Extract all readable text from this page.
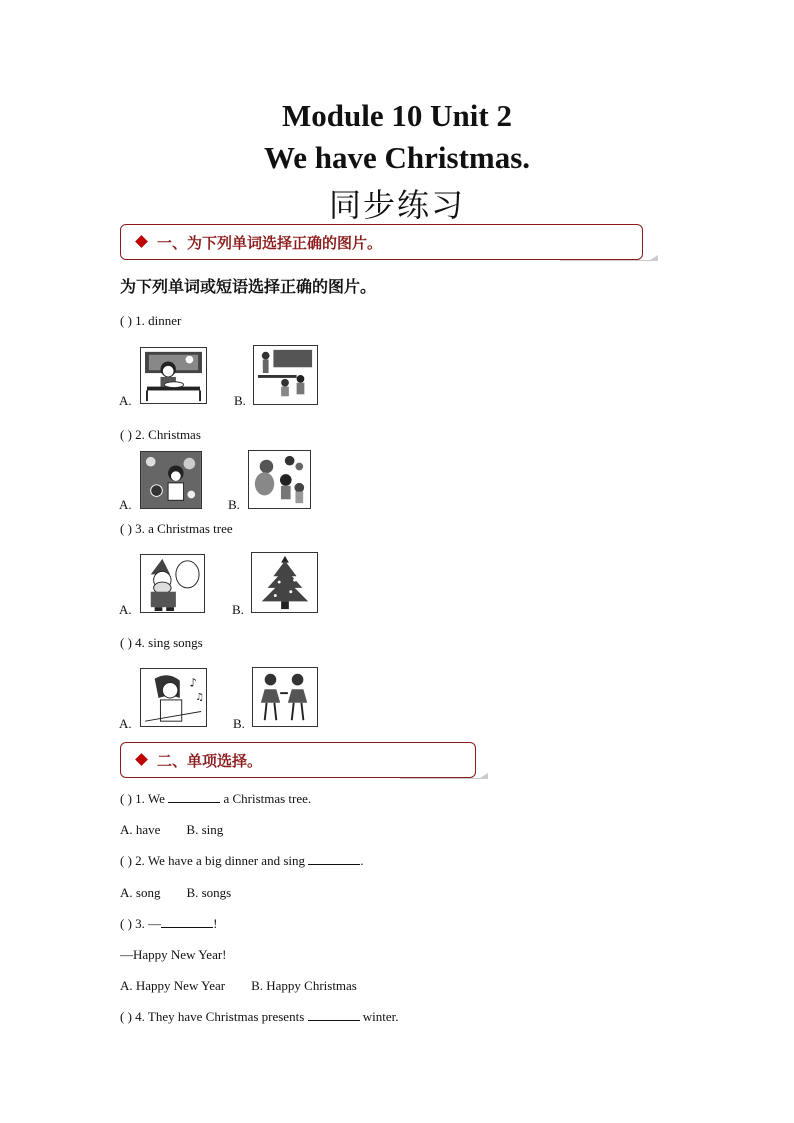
Module 10 Unit 2
We have Christmas.
同步练习
一、为下列单词选择正确的图片。
为下列单词或短语选择正确的图片。
( ) 1. dinner
A.	B.
( ) 2. Christmas
A.	B.
( ) 3. a Christmas tree
A.	B.
( ) 4. sing songs
A.
♪
♫
B.
二、单项选择。
( ) 1. We	a Christmas tree.
A. have        B. sing
( ) 2. We have a big dinner and sing	.
A. song        B. songs
( ) 3. —	!
—Happy New Year!
A. Happy New Year        B. Happy Christmas
( ) 4. They have Christmas presents	winter.
